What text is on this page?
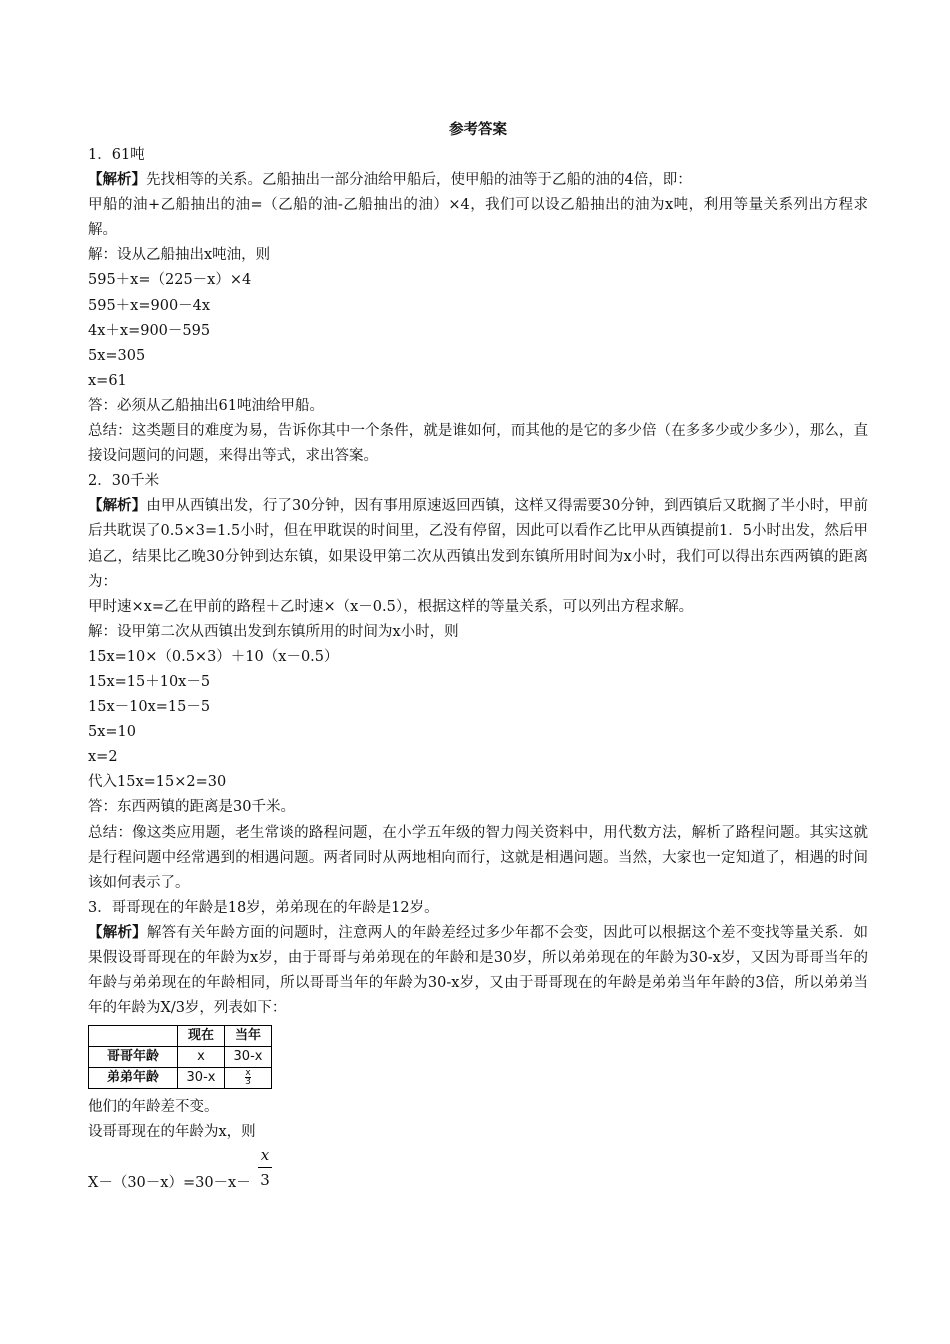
参考答案
1．61吨
【解析】先找相等的关系。乙船抽出一部分油给甲船后，使甲船的油等于乙船的油的4倍，即：
甲船的油+乙船抽出的油=（乙船的油-乙船抽出的油）×4，我们可以设乙船抽出的油为x吨，利用等量关系列出方程求解。
解：设从乙船抽出x吨油，则
595＋x=（225－x）×4
595＋x=900－4x
4x＋x=900－595
5x=305
x=61
答：必须从乙船抽出61吨油给甲船。
总结：这类题目的难度为易，告诉你其中一个条件，就是谁如何，而其他的是它的多少倍（在多多少或少多少），那么，直接设问题问的问题，来得出等式，求出答案。
2．30千米
【解析】由甲从西镇出发，行了30分钟，因有事用原速返回西镇，这样又得需要30分钟，到西镇后又耽搁了半小时，甲前后共耽误了0.5×3=1.5小时，但在甲耽误的时间里，乙没有停留，因此可以看作乙比甲从西镇提前1．5小时出发，然后甲追乙，结果比乙晚30分钟到达东镇，如果设甲第二次从西镇出发到东镇所用时间为x小时，我们可以得出东西两镇的距离为：
甲时速×x=乙在甲前的路程＋乙时速×（x－0.5），根据这样的等量关系，可以列出方程求解。
解：设甲第二次从西镇出发到东镇所用的时间为x小时，则
15x=10×（0.5×3）＋10（x－0.5）
15x=15＋10x－5
15x－10x=15－5
5x=10
x=2
代入15x=15×2=30
答：东西两镇的距离是30千米。
总结：像这类应用题，老生常谈的路程问题，在小学五年级的智力闯关资料中，用代数方法，解析了路程问题。其实这就是行程问题中经常遇到的相遇问题。两者同时从两地相向而行，这就是相遇问题。当然，大家也一定知道了，相遇的时间该如何表示了。
3．哥哥现在的年龄是18岁，弟弟现在的年龄是12岁。
【解析】解答有关年龄方面的问题时，注意两人的年龄差经过多少年都不会变，因此可以根据这个差不变找等量关系．如果假设哥哥现在的年龄为x岁，由于哥哥与弟弟现在的年龄和是30岁，所以弟弟现在的年龄为30-x岁，又因为哥哥当年的年龄与弟弟现在的年龄相同，所以哥哥当年的年龄为30-x岁，又由于哥哥现在的年龄是弟弟当年年龄的3倍，所以弟弟当年的年龄为X/3岁，列表如下：
	现在	当年
哥哥年龄	x	30-x
弟弟年龄	30-x	$\frac{x}{3}$
他们的年龄差不变。
设哥哥现在的年龄为x，则
X－（30－x）=30－x－
x
3
